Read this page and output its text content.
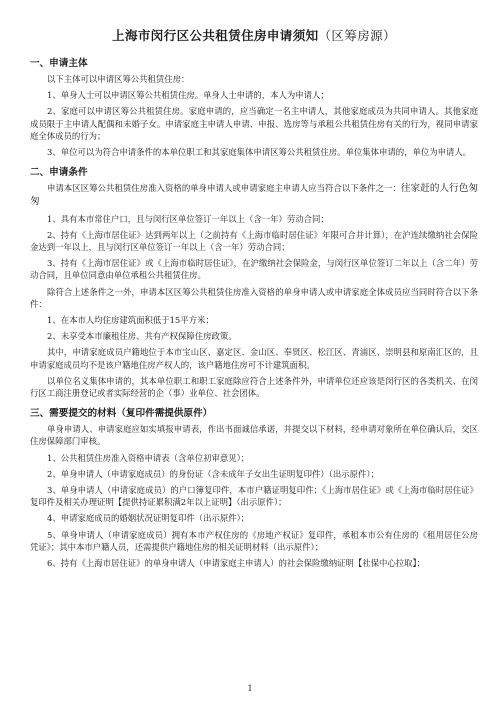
上海市闵行区公共租赁住房申请须知（区筹房源）
一、申请主体

以下主体可以申请区筹公共租赁住房：

1、单身人士可以申请区筹公共租赁住房。单身人士申请的，本人为申请人；

2、家庭可以申请区筹公共租赁住房。家庭申请的，应当确定一名主申请人，其他家庭成员为共同申请人。其他家庭成员限于主申请人配偶和未婚子女。申请家庭主申请人申请、申报、选房等与承租公共租赁住房有关的行为，视同申请家庭全体成员的行为；

3、单位可以为符合申请条件的本单位职工和其家庭集体申请区筹公共租赁住房。单位集体申请的，单位为申请人。

二、申请条件

申请本区区筹公共租赁住房准入资格的单身申请人或申请家庭主申请人应当符合以下条件之一：往家赶的人行色匆匆

1、具有本市常住户口，且与闵行区单位签订一年以上（含一年）劳动合同；

2、持有《上海市居住证》达到两年以上（之前持有《上海市临时居住证》年限可合并计算），在沪连续缴纳社会保险金达到一年以上，且与闵行区单位签订一年以上（含一年）劳动合同；

3、持有《上海市居住证》或《上海市临时居住证》，在沪缴纳社会保险金，与闵行区单位签订二年以上（含二年）劳动合同，且单位同意由单位承租公共租赁住房。

除符合上述条件之一外，申请本区区筹公共租赁住房准入资格的单身申请人或申请家庭全体成员应当同时符合以下条件：

1、在本市人均住房建筑面积低于15平方米；

2、未享受本市廉租住房、共有产权保障住房政策。

其中，申请家庭成员户籍地位于本市宝山区、嘉定区、金山区、奉贤区、松江区、青浦区、崇明县和原南汇区的，且申请家庭成员均不是该户籍地住房产权人的，该户籍地住房可不计建筑面积。

以单位名义集体申请的，其本单位职工和职工家庭除应符合上述条件外，申请单位还应该是闵行区的各类机关、在闵行区工商注册登记或者实际经营的企（事）业单位、社会团体。

三、需要提交的材料（复印件需提供原件）

单身申请人、申请家庭应如实填报申请表，作出书面诚信承诺，并提交以下材料，经申请对象所在单位确认后，交区住房保障部门审核。

1、公共租赁住房准入资格申请表（含单位初审意见）；

2、单身申请人（申请家庭成员）的身份证（含未成年子女出生证明复印件）（出示原件）；

3、单身申请人（申请家庭成员）的户口簿复印件，本市户籍证明复印件；《上海市居住证》或《上海市临时居住证》复印件及相关办理证明【提供持证累积满2年以上证明】（出示原件）；

4、申请家庭成员的婚姻状况证明复印件（出示原件）；

5、单身申请人（申请家庭成员）拥有本市产权住房的《房地产权证》复印件，承租本市公有住房的《租用居住公房凭证》；其中本市户籍人员，还需提供户籍地住房的相关证明材料（出示原件）；

6、持有《上海市居住证》的单身申请人（申请家庭主申请人）的社会保险缴纳证明【社保中心拉取】；

1
